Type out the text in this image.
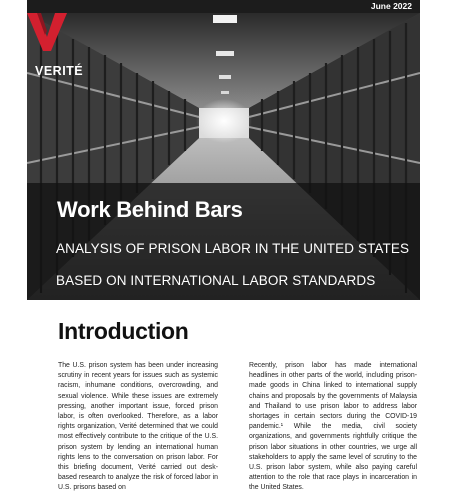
June 2022
VERITÉ
Work Behind Bars
ANALYSIS OF PRISON LABOR IN THE UNITED STATES
BASED ON INTERNATIONAL LABOR STANDARDS
Introduction

The U.S. prison system has been under increasing scrutiny in recent years for issues such as systemic racism, inhumane conditions, overcrowding, and sexual violence. While these issues are extremely pressing, another important issue, forced prison labor, is often overlooked. Therefore, as a labor rights organization, Verité determined that we could most effectively contribute to the critique of the U.S. prison system by lending an international human rights lens to the conversation on prison labor. For this briefing document, Verité carried out desk-based research to analyze the risk of forced labor in U.S. prisons based on

Recently, prison labor has made international headlines in other parts of the world, including prison-made goods in China linked to international supply chains and proposals by the governments of Malaysia and Thailand to use prison labor to address labor shortages in certain sectors during the COVID-19 pandemic.¹ While the media, civil society organizations, and governments rightfully critique the prison labor situations in other countries, we urge all stakeholders to apply the same level of scrutiny to the U.S. prison labor system, while also paying careful attention to the role that race plays in incarceration in the United States.
